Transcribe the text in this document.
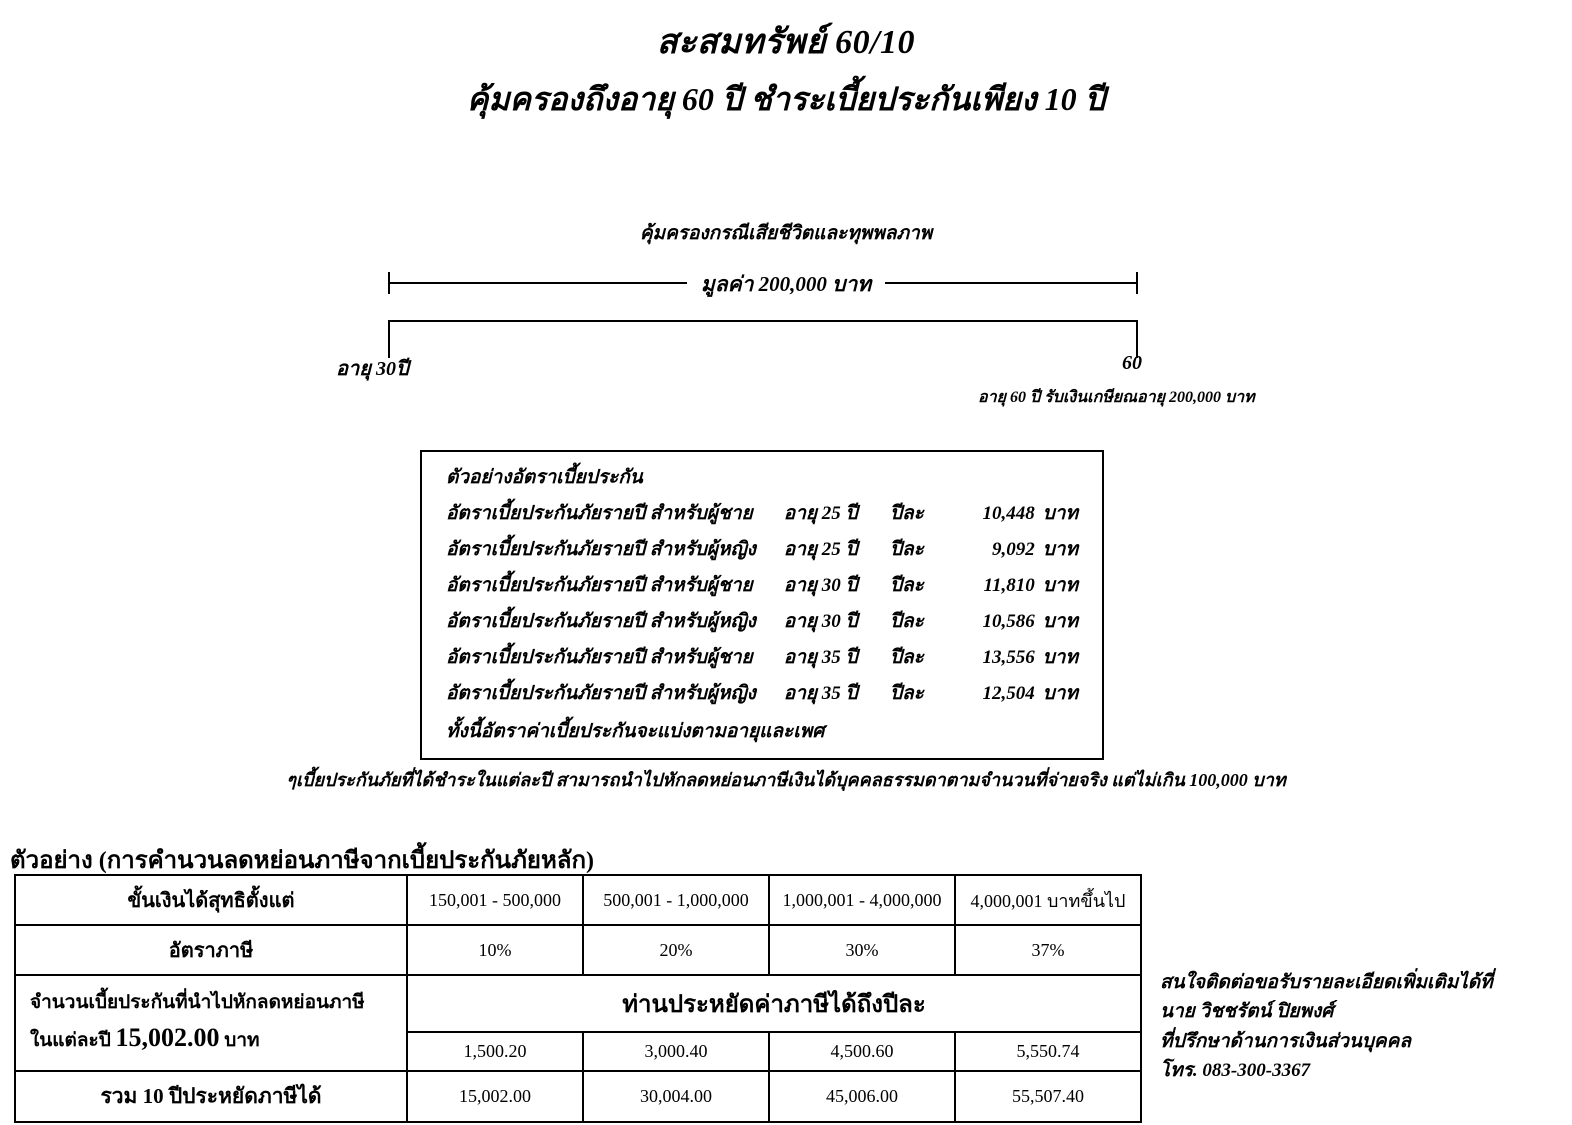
สะสมทรัพย์ 60/10
คุ้มครองถึงอายุ 60 ปี ชำระเบี้ยประกันเพียง 10 ปี
คุ้มครองกรณีเสียชีวิตและทุพพลภาพ
มูลค่า 200,000 บาท
อายุ 30ปี	60
อายุ 60 ปี รับเงินเกษียณอายุ 200,000 บาท
ตัวอย่างอัตราเบี้ยประกัน
อัตราเบี้ยประกันภัยรายปี สำหรับผู้ชาย	อายุ 25 ปี	ปีละ	10,448 บาท
อัตราเบี้ยประกันภัยรายปี สำหรับผู้หญิง	อายุ 25 ปี	ปีละ	9,092 บาท
อัตราเบี้ยประกันภัยรายปี สำหรับผู้ชาย	อายุ 30 ปี	ปีละ	11,810 บาท
อัตราเบี้ยประกันภัยรายปี สำหรับผู้หญิง	อายุ 30 ปี	ปีละ	10,586 บาท
อัตราเบี้ยประกันภัยรายปี สำหรับผู้ชาย	อายุ 35 ปี	ปีละ	13,556 บาท
อัตราเบี้ยประกันภัยรายปี สำหรับผู้หญิง	อายุ 35 ปี	ปีละ	12,504 บาท
ทั้งนี้อัตราค่าเบี้ยประกันจะแบ่งตามอายุและเพศ
ๆเบี้ยประกันภัยที่ได้ชำระในแต่ละปี สามารถนำไปหักลดหย่อนภาษีเงินได้บุคคลธรรมดาตามจำนวนที่จ่ายจริง แต่ไม่เกิน 100,000 บาท
ตัวอย่าง (การคำนวนลดหย่อนภาษีจากเบี้ยประกันภัยหลัก)
ขั้นเงินได้สุทธิตั้งแต่	150,001 - 500,000	500,001 - 1,000,000	1,000,001 - 4,000,000	4,000,001 บาทขึ้นไป
อัตราภาษี	10%	20%	30%	37%
จำนวนเบี้ยประกันที่นำไปหักลดหย่อนภาษี
ในแต่ละปี 15,002.00 บาท	ท่านประหยัดค่าภาษีได้ถึงปีละ			
	1,500.20	3,000.40	4,500.60	5,550.74
รวม 10 ปีประหยัดภาษีได้	15,002.00	30,004.00	45,006.00	55,507.40
สนใจติดต่อขอรับรายละเอียดเพิ่มเติมได้ที่
นาย วิชชรัตน์ ปิยพงศ์
ที่ปรึกษาด้านการเงินส่วนบุคคล
โทร. 083-300-3367
